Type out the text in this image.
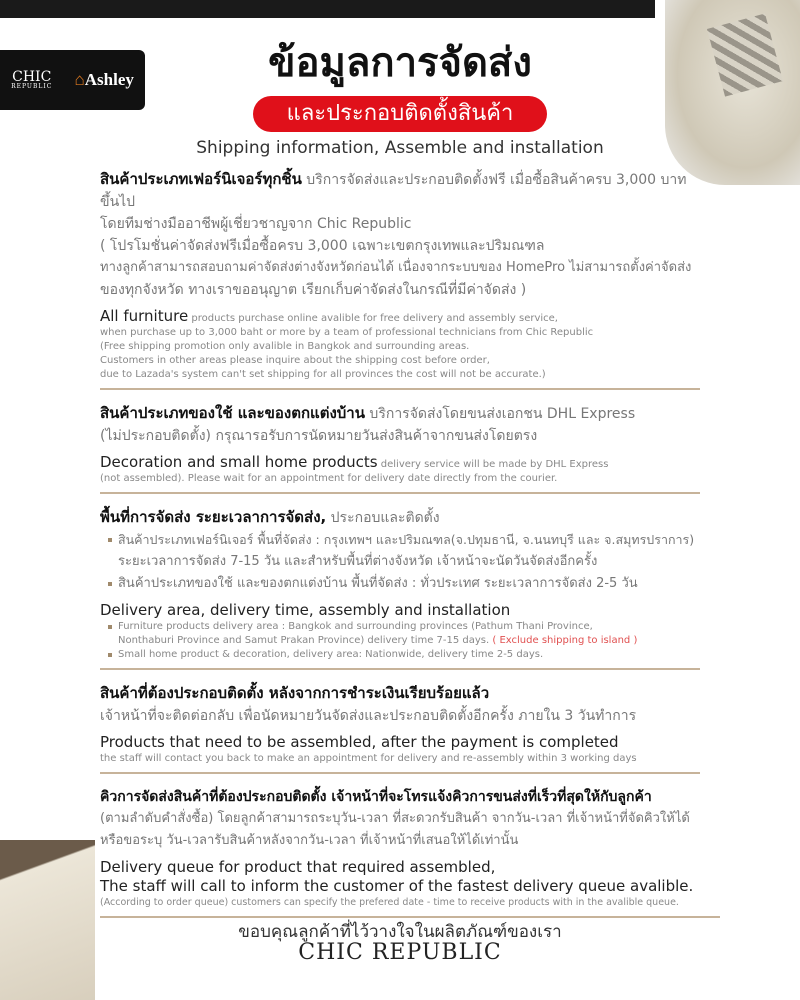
CHIC
REPUBLIC ⌂Ashley	ข้อมูลการจัดส่ง
และประกอบติดตั้งสินค้า
Shipping information, Assemble and installation
สินค้าประเภทเฟอร์นิเจอร์ทุกชิ้น บริการจัดส่งและประกอบติดตั้งฟรี เมื่อซื้อสินค้าครบ 3,000 บาทขึ้นไป
โดยทีมช่างมืออาชีพผู้เชี่ยวชาญจาก Chic Republic
( โปรโมชั่นค่าจัดส่งฟรีเมื่อซื้อครบ 3,000 เฉพาะเขตกรุงเทพและปริมณฑล
ทางลูกค้าสามารถสอบถามค่าจัดส่งต่างจังหวัดก่อนได้ เนื่องจากระบบของ HomePro ไม่สามารถตั้งค่าจัดส่ง
ของทุกจังหวัด ทางเราขออนุญาต เรียกเก็บค่าจัดส่งในกรณีที่มีค่าจัดส่ง )
All furniture products purchase online avalible for free delivery and assembly service,
when purchase up to 3,000 baht or more by a team of professional technicians from Chic Republic
(Free shipping promotion only avalible in Bangkok and surrounding areas.
Customers in other areas please inquire about the shipping cost before order,
due to Lazada's system can't set shipping for all provinces the cost will not be accurate.)
สินค้าประเภทของใช้ และของตกแต่งบ้าน บริการจัดส่งโดยขนส่งเอกชน DHL Express
(ไม่ประกอบติดตั้ง) กรุณารอรับการนัดหมายวันส่งสินค้าจากขนส่งโดยตรง
Decoration and small home products delivery service will be made by DHL Express
(not assembled). Please wait for an appointment for delivery date directly from the courier.
พื้นที่การจัดส่ง ระยะเวลาการจัดส่ง, ประกอบและติดตั้ง
สินค้าประเภทเฟอร์นิเจอร์ พื้นที่จัดส่ง : กรุงเทพฯ และปริมณฑล(จ.ปทุมธานี, จ.นนทบุรี และ จ.สมุทรปราการ)
ระยะเวลาการจัดส่ง 7-15 วัน และสำหรับพื้นที่ต่างจังหวัด เจ้าหน้าจะนัดวันจัดส่งอีกครั้ง
สินค้าประเภทของใช้ และของตกแต่งบ้าน พื้นที่จัดส่ง : ทั่วประเทศ ระยะเวลาการจัดส่ง 2-5 วัน
Delivery area, delivery time, assembly and installation
Furniture products delivery area : Bangkok and surrounding provinces (Pathum Thani Province,
Nonthaburi Province and Samut Prakan Province) delivery time 7-15 days. ( Exclude shipping to island )
Small home product & decoration, delivery area: Nationwide, delivery time 2-5 days.
สินค้าที่ต้องประกอบติดตั้ง หลังจากการชำระเงินเรียบร้อยแล้ว
เจ้าหน้าที่จะติดต่อกลับ เพื่อนัดหมายวันจัดส่งและประกอบติดตั้งอีกครั้ง ภายใน 3 วันทำการ
Products that need to be assembled, after the payment is completed
the staff will contact you back to make an appointment for delivery and re-assembly within 3 working days
คิวการจัดส่งสินค้าที่ต้องประกอบติดตั้ง เจ้าหน้าที่จะโทรแจ้งคิวการขนส่งที่เร็วที่สุดให้กับลูกค้า
(ตามลำดับคำสั่งซื้อ) โดยลูกค้าสามารถระบุวัน-เวลา ที่สะดวกรับสินค้า จากวัน-เวลา ที่เจ้าหน้าที่จัดคิวให้ได้
หรือขอระบุ วัน-เวลารับสินค้าหลังจากวัน-เวลา ที่เจ้าหน้าที่เสนอให้ได้เท่านั้น
Delivery queue for product that required assembled,
The staff will call to inform the customer of the fastest delivery queue avalible.
(According to order queue) customers can specify the prefered date - time to receive products with in the avalible queue.
ขอบคุณลูกค้าที่ไว้วางใจในผลิตภัณฑ์ของเรา
CHIC REPUBLIC
